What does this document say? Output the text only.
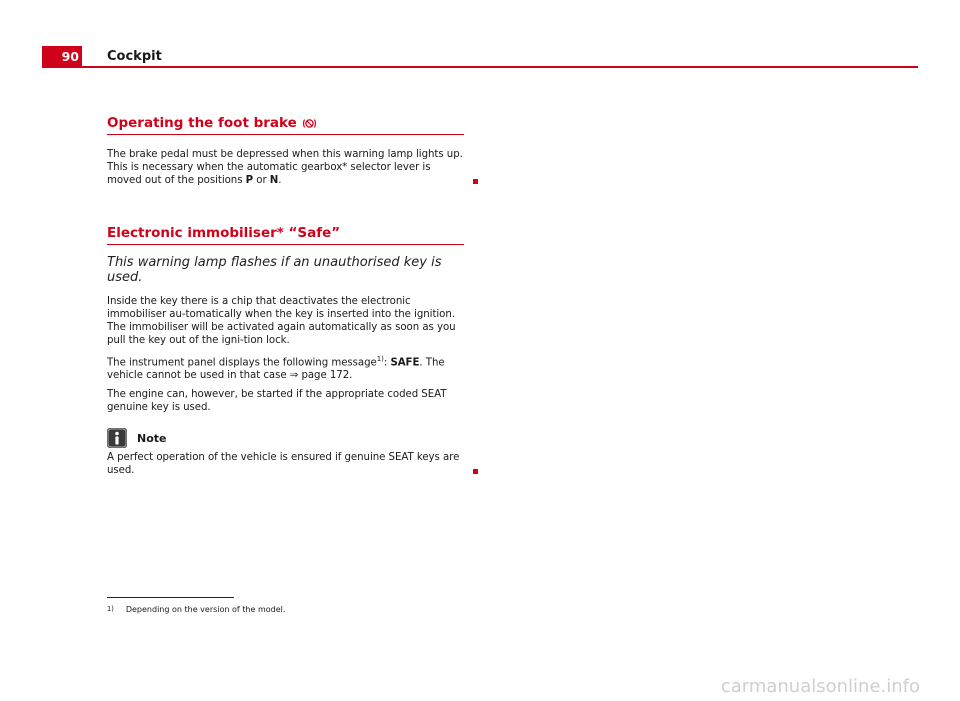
90 Cockpit
Operating the foot brake

The brake pedal must be depressed when this warning lamp lights up. This is necessary when the automatic gearbox* selector lever is moved out of the positions P or N.

Electronic immobiliser* “Safe”
This warning lamp flashes if an unauthorised key is used.

Inside the key there is a chip that deactivates the electronic immobiliser au-tomatically when the key is inserted into the ignition. The immobiliser will be activated again automatically as soon as you pull the key out of the igni-tion lock.

The instrument panel displays the following message$^{1)}$: SAFE. The vehicle cannot be used in that case ⇒ page 172.

The engine can, however, be started if the appropriate coded SEAT genuine key is used.

Note

A perfect operation of the vehicle is ensured if genuine SEAT keys are used.

1) Depending on the version of the model.
carmanualsonline.info
